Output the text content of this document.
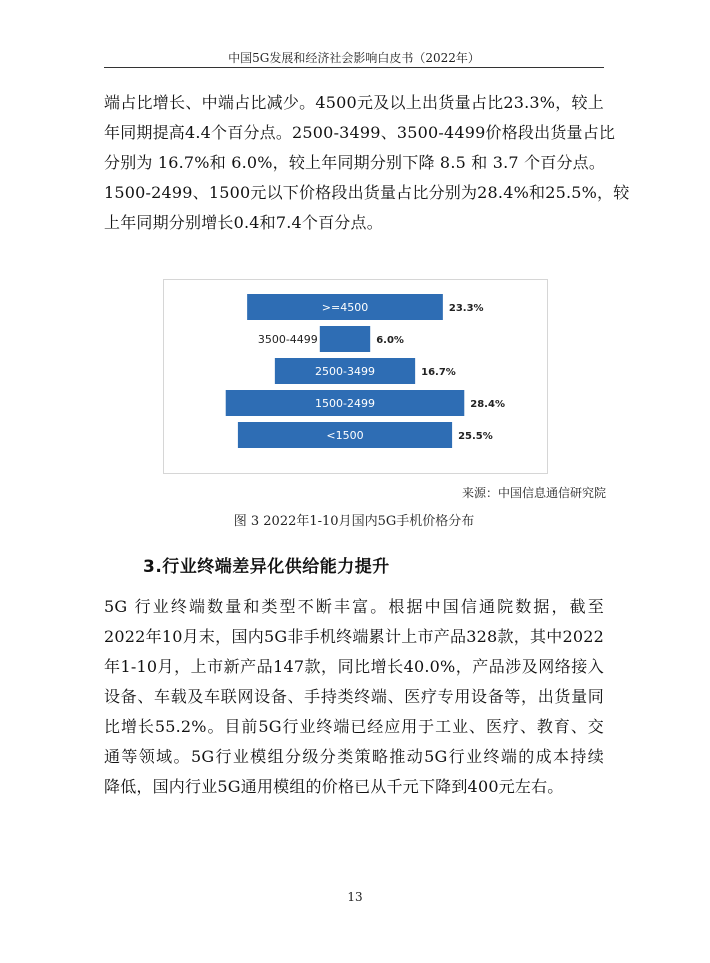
中国5G发展和经济社会影响白皮书（2022年）
端占比增长、中端占比减少。4500元及以上出货量占比23.3%，较上
年同期提高4.4个百分点。2500-3499、3500-4499价格段出货量占比
分别为 16.7%和 6.0%，较上年同期分别下降 8.5 和 3.7 个百分点。
1500-2499、1500元以下价格段出货量占比分别为28.4%和25.5%，较
上年同期分别增长0.4和7.4个百分点。
>=4500	23.3%
3500-4499	6.0%
2500-3499	16.7%
1500-2499	28.4%
<1500	25.5%
来源：中国信息通信研究院
图 3 2022年1-10月国内5G手机价格分布
3.行业终端差异化供给能力提升
5G 行业终端数量和类型不断丰富。根据中国信通院数据，截至
2022年10月末，国内5G非手机终端累计上市产品328款，其中2022
年1-10月，上市新产品147款，同比增长40.0%，产品涉及网络接入
设备、车载及车联网设备、手持类终端、医疗专用设备等，出货量同
比增长55.2%。目前5G行业终端已经应用于工业、医疗、教育、交
通等领域。5G行业模组分级分类策略推动5G行业终端的成本持续
降低，国内行业5G通用模组的价格已从千元下降到400元左右。
13
